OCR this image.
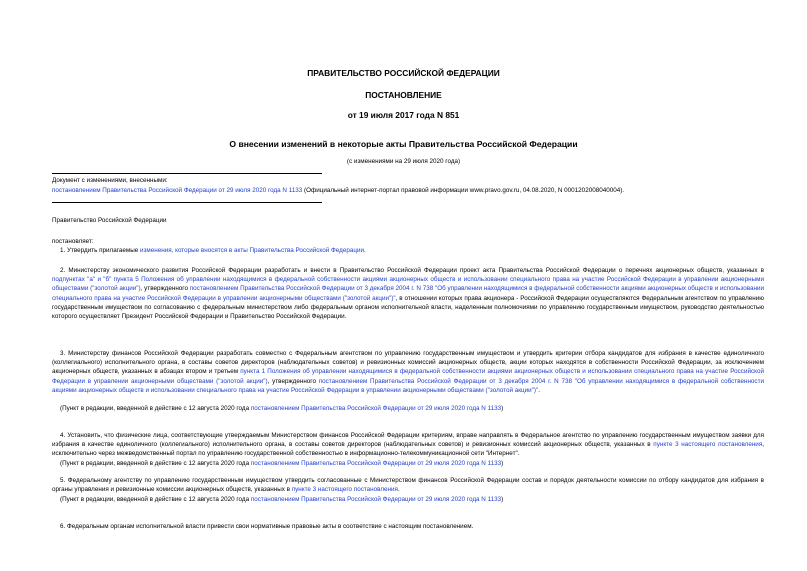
ПРАВИТЕЛЬСТВО РОССИЙСКОЙ ФЕДЕРАЦИИ
ПОСТАНОВЛЕНИЕ
от 19 июля 2017 года N 851
О внесении изменений в некоторые акты Правительства Российской Федерации
(с изменениями на 29 июля 2020 года)
Документ с изменениями, внесенными:
постановлением Правительства Российской Федерации от 29 июля 2020 года N 1133 (Официальный интернет-портал правовой информации www.pravo.gov.ru, 04.08.2020, N 0001202008040004).
Правительство Российской Федерации
постановляет:
1. Утвердить прилагаемые изменения, которые вносятся в акты Правительства Российской Федерации.
2. Министерству экономического развития Российской Федерации разработать и внести в Правительство Российской Федерации проект акта Правительства Российской Федерации о перечнях акционерных обществ, указанных в подпунктах "а" и "б" пункта 5 Положения об управлении находящимися в федеральной собственности акциями акционерных обществ и использовании специального права на участие Российской Федерации в управлении акционерными обществами ("золотой акции"), утвержденного постановлением Правительства Российской Федерации от 3 декабря 2004 г. N 738 "Об управлении находящимися в федеральной собственности акциями акционерных обществ и использовании специального права на участие Российской Федерации в управлении акционерными обществами ("золотой акции")", в отношении которых права акционера - Российской Федерации осуществляются Федеральным агентством по управлению государственным имуществом по согласованию с федеральным министерством либо федеральным органом исполнительной власти, наделенным полномочиями по управлению государственным имуществом, руководство деятельностью которого осуществляет Президент Российской Федерации и Правительство Российской Федерации.
3. Министерству финансов Российской Федерации разработать совместно с Федеральным агентством по управлению государственным имуществом и утвердить критерии отбора кандидатов для избрания в качестве единоличного (коллегиального) исполнительного органа, в составы советов директоров (наблюдательных советов) и ревизионных комиссий акционерных обществ, акции которых находятся в собственности Российской Федерации, за исключением акционерных обществ, указанных в абзацах втором и третьем пункта 1 Положения об управлении находящимися в федеральной собственности акциями акционерных обществ и использовании специального права на участие Российской Федерации в управлении акционерными обществами ("золотой акции"), утвержденного постановлением Правительства Российской Федерации от 3 декабря 2004 г. N 738 "Об управлении находящимися в федеральной собственности акциями акционерных обществ и использовании специального права на участие Российской Федерации в управлении акционерными обществами ("золотой акции")".
(Пункт в редакции, введенной в действие с 12 августа 2020 года постановлением Правительства Российской Федерации от 29 июля 2020 года N 1133)
4. Установить, что физические лица, соответствующие утверждаемым Министерством финансов Российской Федерации критериям, вправе направлять в Федеральное агентство по управлению государственным имуществом заявки для избрания в качестве единоличного (коллегиального) исполнительного органа, в составы советов директоров (наблюдательных советов) и ревизионных комиссий акционерных обществ, указанных в пункте 3 настоящего постановления, исключительно через межведомственный портал по управлению государственной собственностью в информационно-телекоммуникационной сети "Интернет".
(Пункт в редакции, введенной в действие с 12 августа 2020 года постановлением Правительства Российской Федерации от 29 июля 2020 года N 1133)
5. Федеральному агентству по управлению государственным имуществом утвердить согласованные с Министерством финансов Российской Федерации состав и порядок деятельности комиссии по отбору кандидатов для избрания в органы управления и ревизионные комиссии акционерных обществ, указанных в пункте 3 настоящего постановления.
(Пункт в редакции, введенной в действие с 12 августа 2020 года постановлением Правительства Российской Федерации от 29 июля 2020 года N 1133)
6. Федеральным органам исполнительной власти привести свои нормативные правовые акты в соответствие с настоящим постановлением.
